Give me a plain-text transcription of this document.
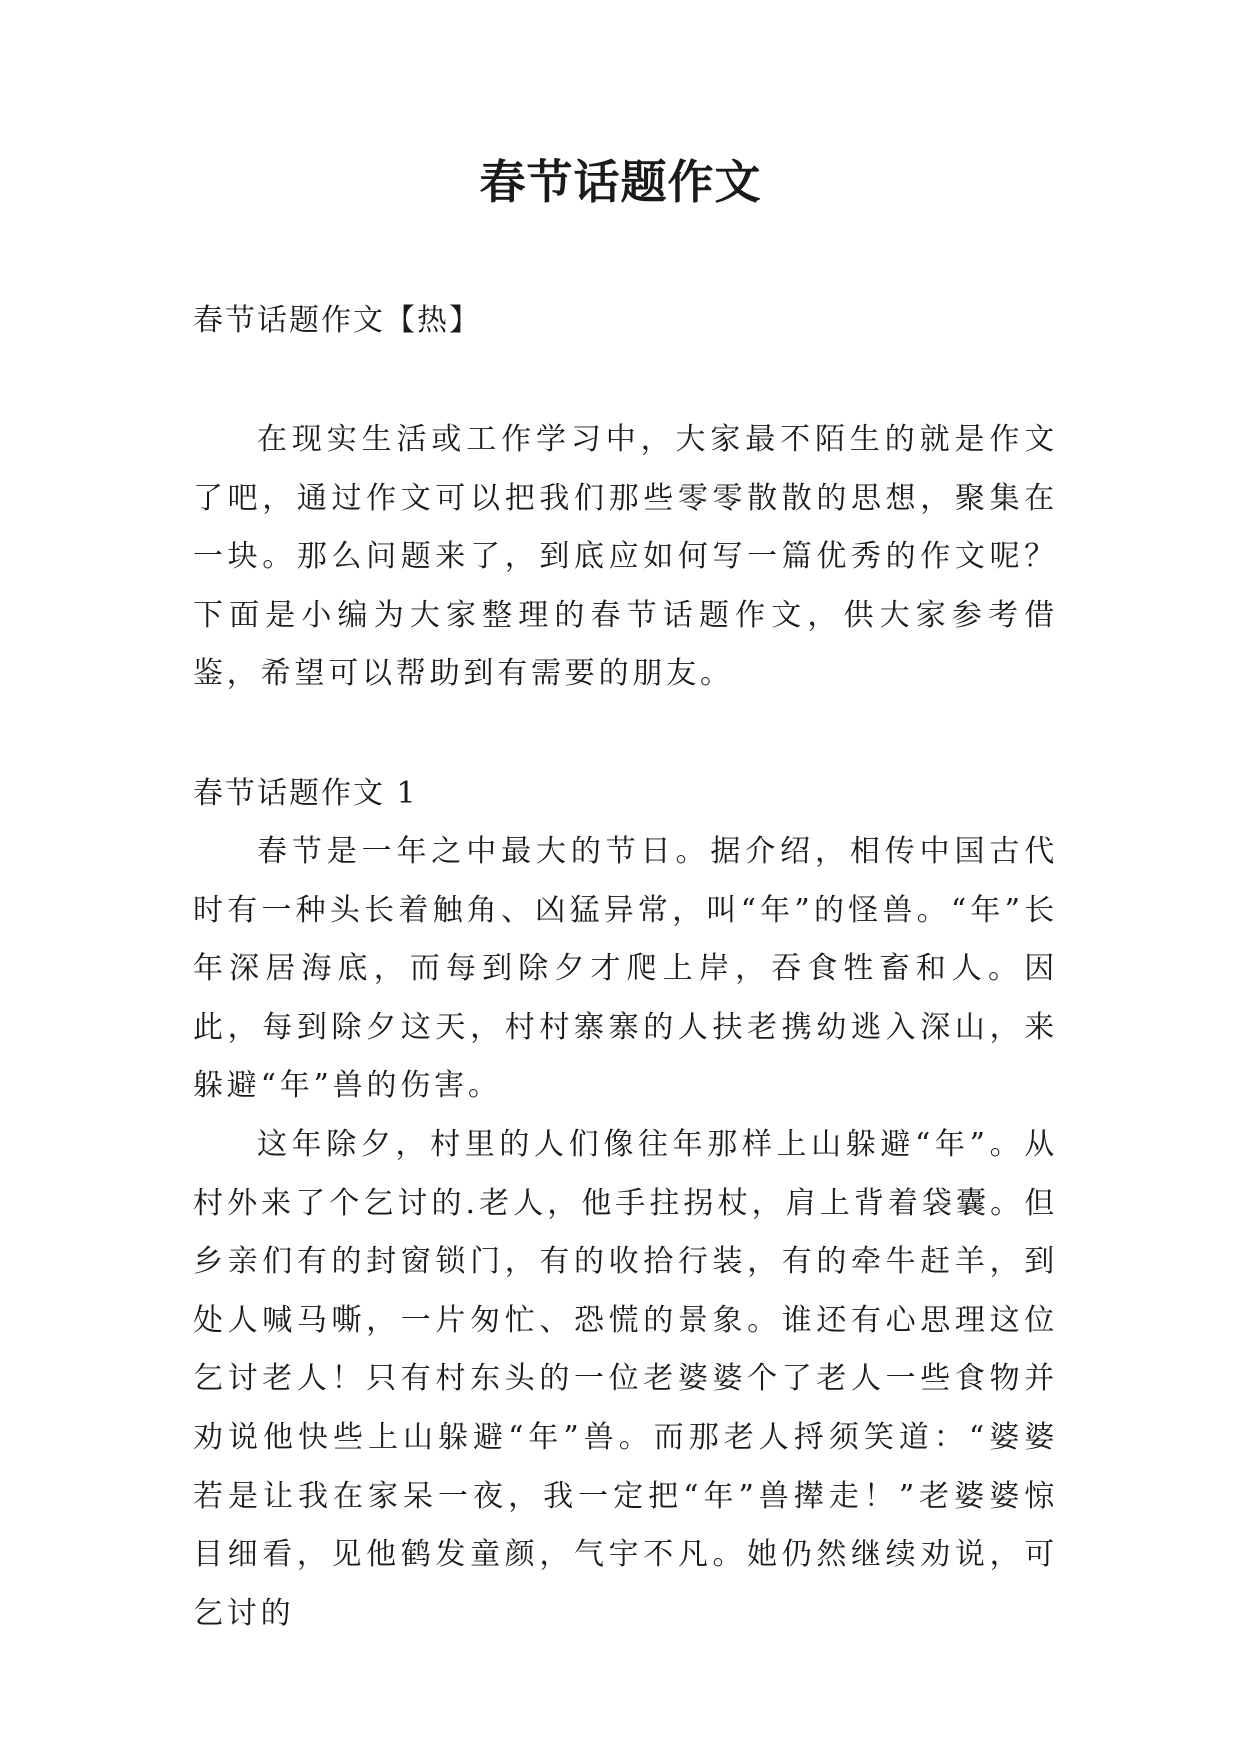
春节话题作文

春节话题作文【热】

在现实生活或工作学习中，大家最不陌生的就是作文了吧，通过作文可以把我们那些零零散散的思想，聚集在一块。那么问题来了，到底应如何写一篇优秀的作文呢？下面是小编为大家整理的春节话题作文，供大家参考借鉴，希望可以帮助到有需要的朋友。

春节话题作文 1

春节是一年之中最大的节日。据介绍，相传中国古代时有一种头长着触角、凶猛异常，叫“年”的怪兽。“年”长年深居海底，而每到除夕才爬上岸，吞食牲畜和人。因此，每到除夕这天，村村寨寨的人扶老携幼逃入深山，来躲避“年”兽的伤害。

这年除夕，村里的人们像往年那样上山躲避“年”。从村外来了个乞讨的.老人，他手拄拐杖，肩上背着袋囊。但乡亲们有的封窗锁门，有的收拾行装，有的牵牛赶羊，到处人喊马嘶，一片匆忙、恐慌的景象。谁还有心思理这位乞讨老人！只有村东头的一位老婆婆个了老人一些食物并劝说他快些上山躲避“年”兽。而那老人捋须笑道：“婆婆若是让我在家呆一夜，我一定把“年”兽撵走！”老婆婆惊目细看，见他鹤发童颜，气宇不凡。她仍然继续劝说，可乞讨的
